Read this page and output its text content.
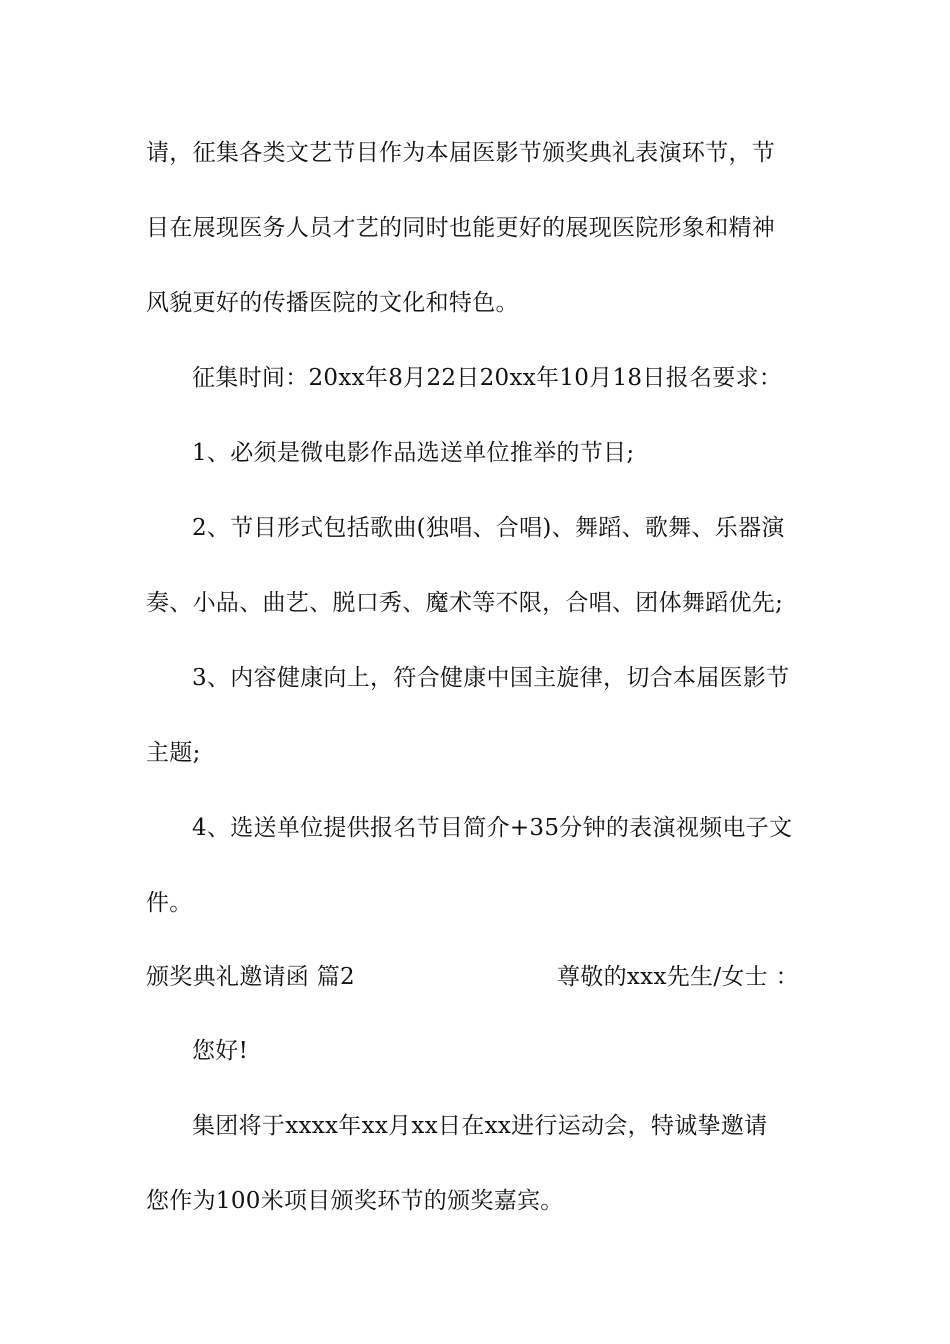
请，征集各类文艺节目作为本届医影节颁奖典礼表演环节，节
目在展现医务人员才艺的同时也能更好的展现医院形象和精神
风貌更好的传播医院的文化和特色。
征集时间：20xx年8月22日20xx年10月18日报名要求：
1、必须是微电影作品选送单位推举的节目;
2、节目形式包括歌曲(独唱、合唱)、舞蹈、歌舞、乐器演
奏、小品、曲艺、脱口秀、魔术等不限，合唱、团体舞蹈优先;
3、内容健康向上，符合健康中国主旋律，切合本届医影节
主题;
4、选送单位提供报名节目简介+35分钟的表演视频电子文
件。
颁奖典礼邀请函 篇2	尊敬的xxx先生/女士 ：
您好!
集团将于xxxx年xx月xx日在xx进行运动会，特诚挚邀请
您作为100米项目颁奖环节的颁奖嘉宾。
